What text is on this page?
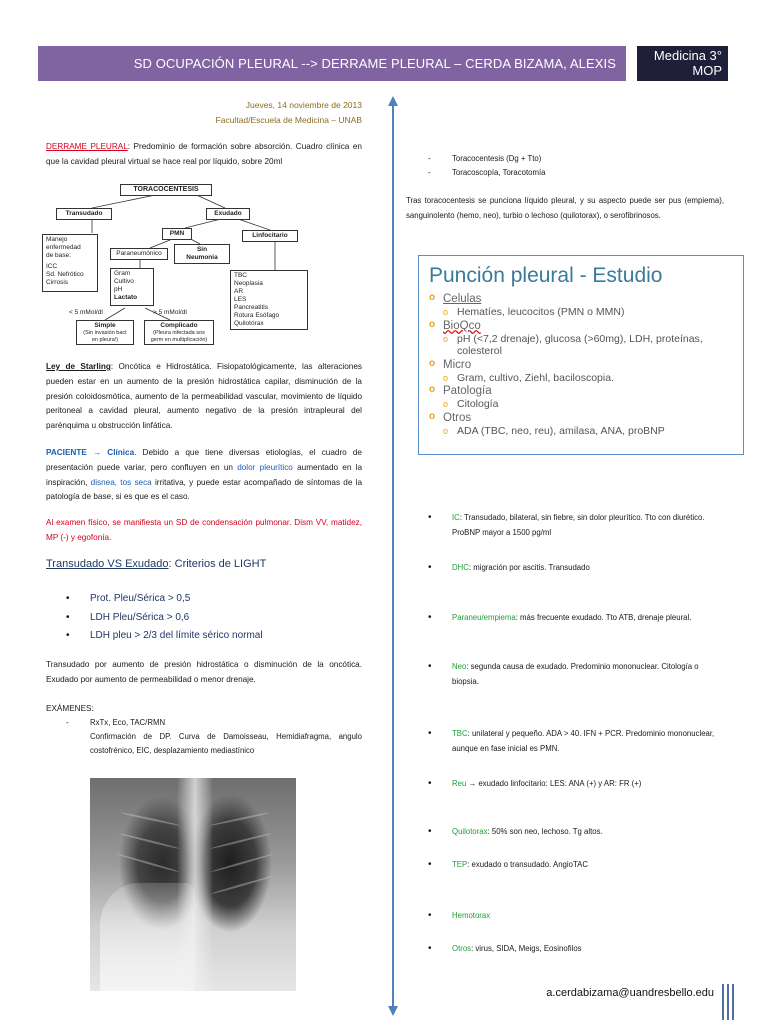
SD OCUPACIÓN PLEURAL --> DERRAME PLEURAL – CERDA BIZAMA, ALEXIS
Medicina 3°
MOP
Jueves, 14 noviembre de 2013
Facultad/Escuela de Medicina – UNAB
DERRAME PLEURAL: Predominio de formación sobre absorción. Cuadro clínica en que la cavidad pleural virtual se hace real por líquido, sobre 20ml
TORACOCENTESIS
Transudado	Exudado
PMN	Linfocitario
Manejo
enfermedad
de base:
ICC
Sd. Nefrótico
Cirrosis
Paraneumónico
Sin
Neumonia
Gram
Cultivo
pH
Lactato
TBC
Neoplasia
AR
LES
Pancreatitis
Rotura Esófago
Quilotórax
< 5 mMol/dl	> 5 mMol/dl
Simple
(Sin invasión bact
en pleura!)
Complicado
(Pleura infectada sos
germ en multiplicación)
Ley de Starling: Oncótica e Hidrostática. Fisiopatológicamente, las alteraciones pueden estar en un aumento de la presión hidrostática capilar, disminución de la presión coloidosmótica, aumento de la permeabilidad vascular, movimiento de líquido peritoneal a cavidad pleural, aumento negativo de la presión intrapleural del parénquima u obstrucción linfática.
PACIENTE → Clínica. Debido a que tiene diversas etiologías, el cuadro de presentación puede variar, pero confluyen en un dolor pleurítico aumentado en la inspiración, disnea, tos seca irritativa, y puede estar acompañado de síntomas de la patología de base, si es que es el caso.
Al examen físico, se manifiesta un SD de condensación pulmonar. Dism VV, matidez, MP (-) y egofonía.
Transudado VS Exudado: Criterios de LIGHT
• Prot. Pleu/Sérica > 0,5
• LDH Pleu/Sérica > 0,6
• LDH pleu > 2/3 del límite sérico normal
Transudado por aumento de presión hidrostática o disminución de la oncótica. Exudado por aumento de permeabilidad o menor drenaje.
EXÁMENES:
-	RxTx, Eco, TAC/RMN
Confirmación de DP. Curva de Damoisseau, Hemidiafragma, angulo costofrénico, EIC, desplazamiento mediastínico
- Toracocentesis (Dg + Tto)
- Toracoscopía, Toracotomía
Tras toracocentesis se punciona líquido pleural, y su aspecto puede ser pus (empiema), sanguinolento (hemo, neo), turbio o lechoso (quilotorax), o serofibrinosos.
Punción pleural - Estudio
o Celulas
o Hematíes, leucocitos (PMN o MMN)
o BioQco
o pH (<7,2 drenaje), glucosa (>60mg), LDH, proteínas, colesterol
o Micro
o Gram, cultivo, Ziehl, baciloscopia.
o Patología
o Citología
o Otros
o ADA (TBC, neo, reu), amilasa, ANA, proBNP
• IC: Transudado, bilateral, sin fiebre, sin dolor pleurítico. Tto con diurético. ProBNP mayor a 1500 pg/ml
• DHC: migración por ascitis. Transudado
• Paraneu/empiema: más frecuente exudado. Tto ATB, drenaje pleural.
• Neo: segunda causa de exudado. Predominio mononuclear. Citología o biopsia.
• TBC: unilateral y pequeño. ADA > 40. IFN + PCR. Predominio mononuclear, aunque en fase inicial es PMN.
• Reu → exudado linfocitario: LES: ANA (+) y AR: FR (+)
• Quilotorax: 50% son neo, lechoso. Tg altos.
• TEP: exudado o transudado. AngioTAC
• Hemotorax
• Otros: virus, SIDA, Meigs, Eosinofilos
a.cerdabizama@uandresbello.edu
